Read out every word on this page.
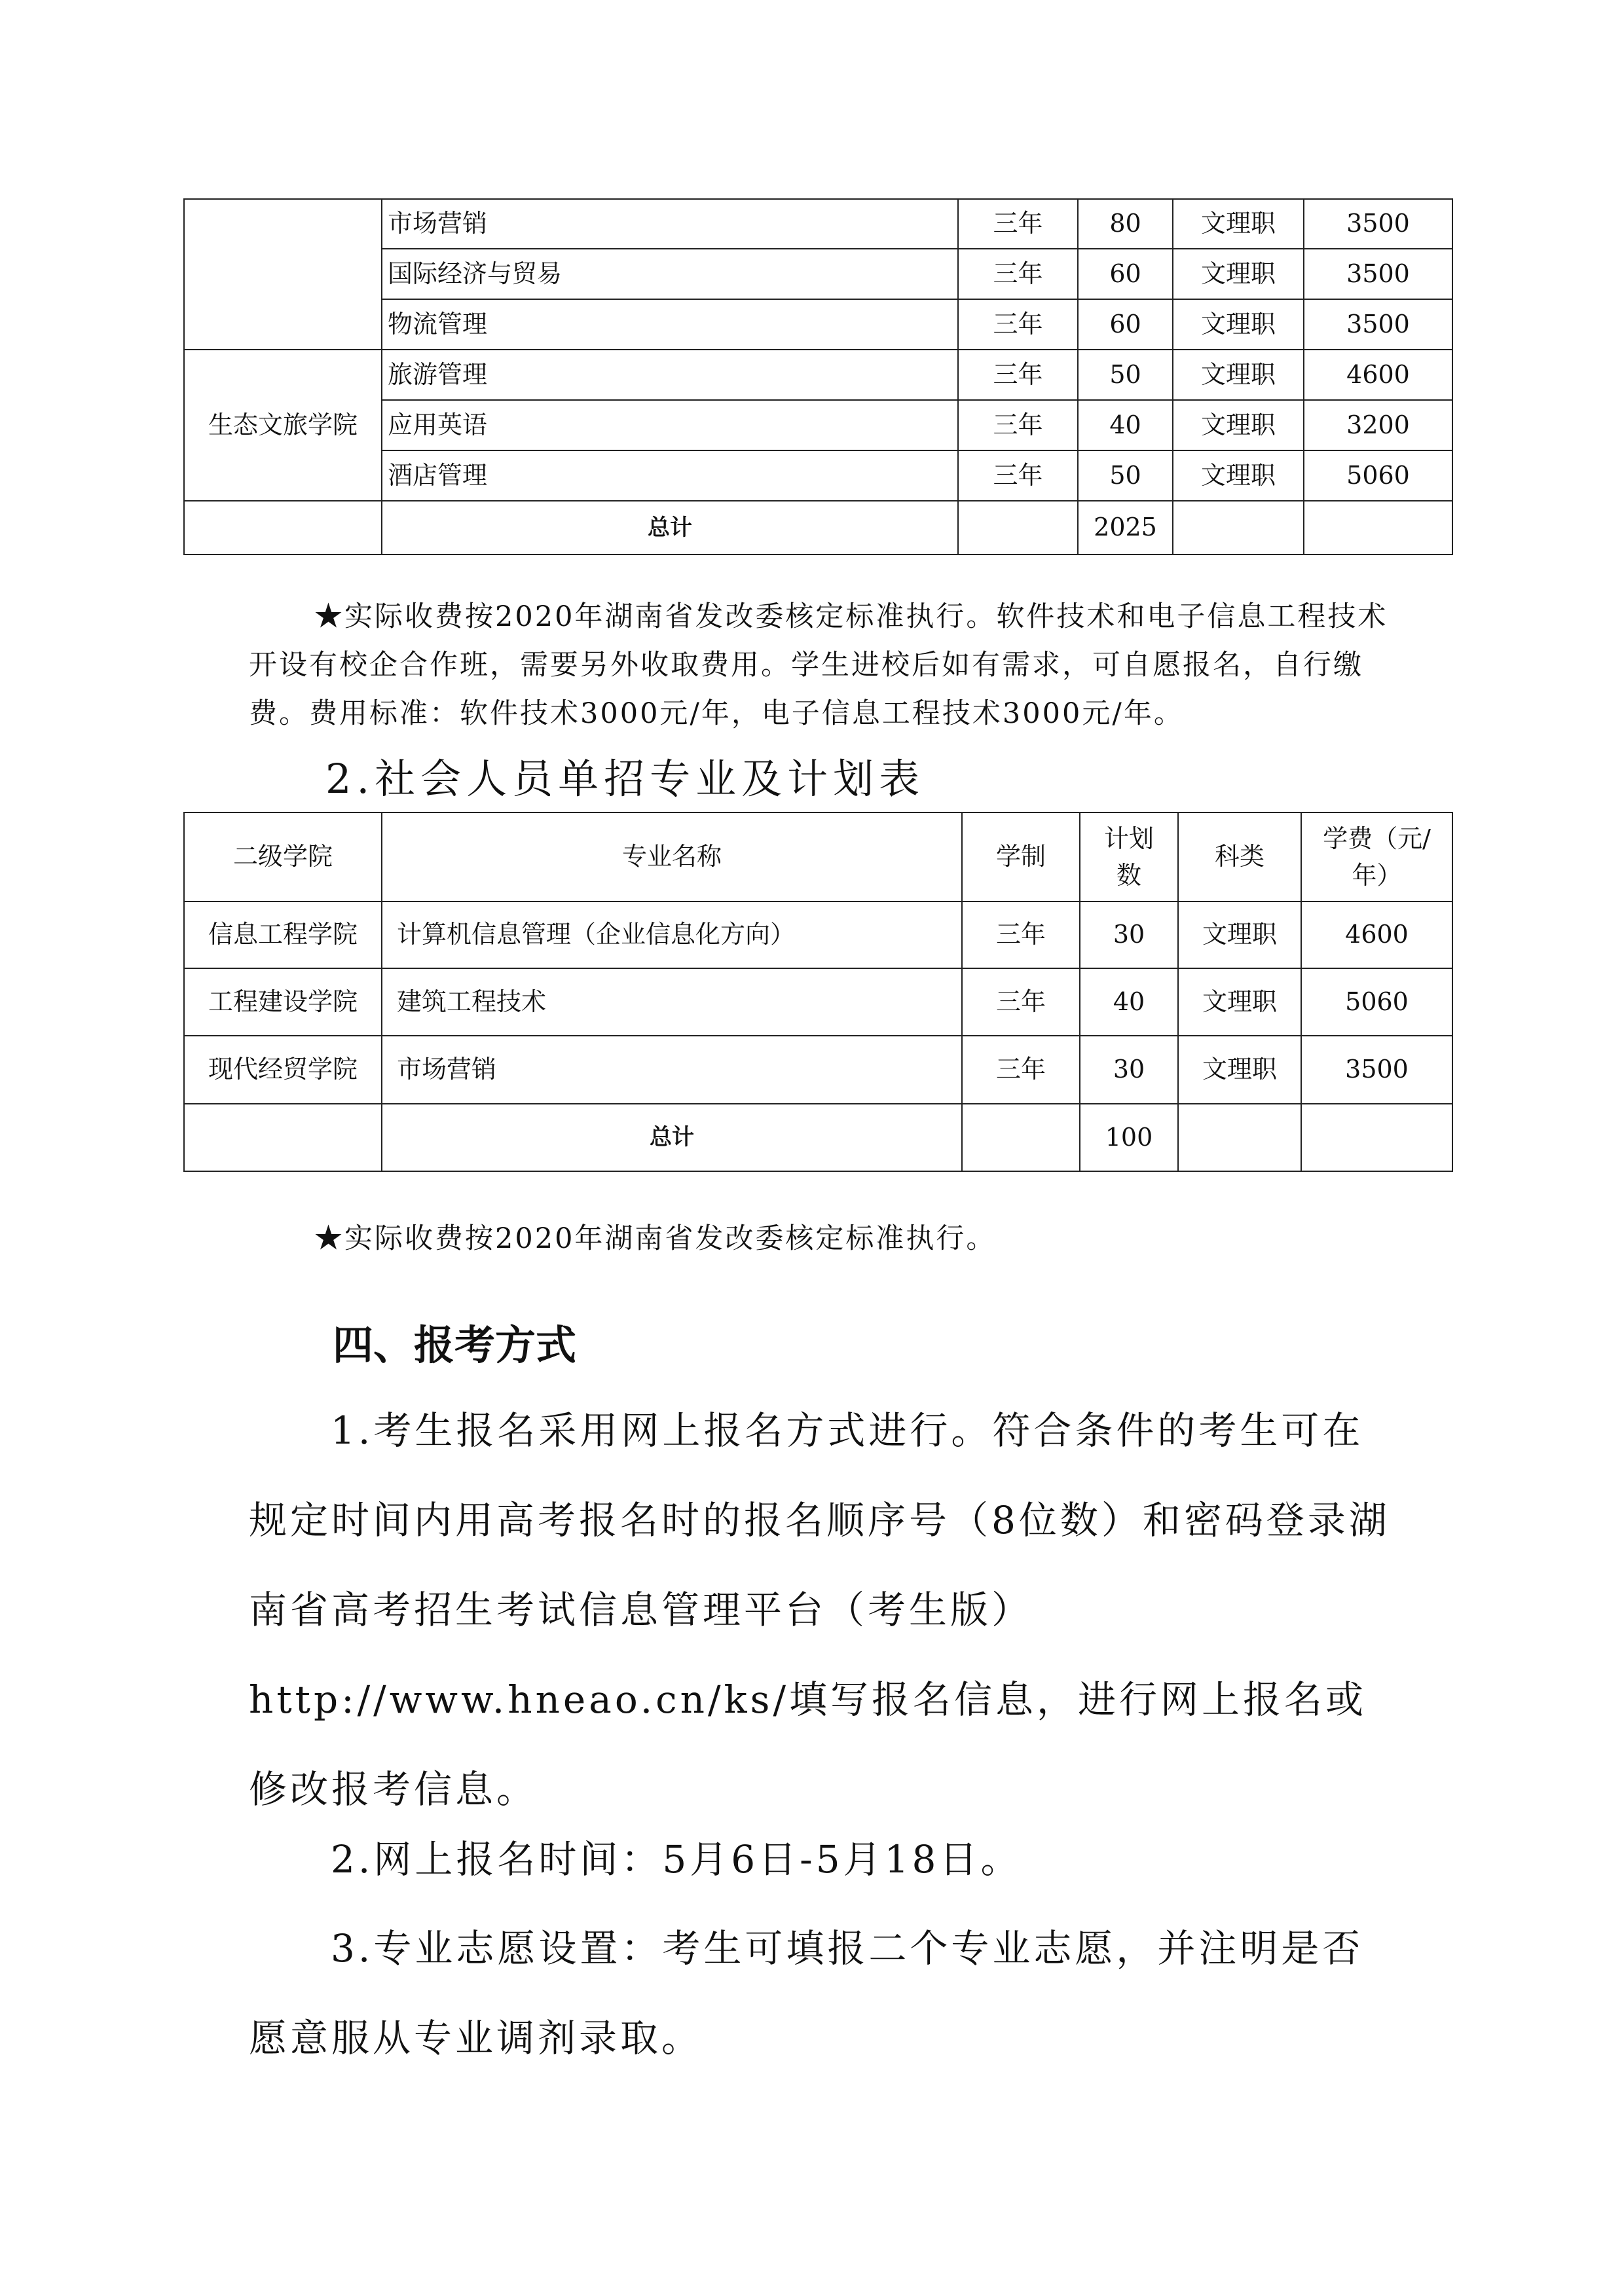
	市场营销	三年	80	文理职	3500
	国际经济与贸易	三年	60	文理职	3500
	物流管理	三年	60	文理职	3500
生态文旅学院	旅游管理	三年	50	文理职	4600
	应用英语	三年	40	文理职	3200
	酒店管理	三年	50	文理职	5060
	总计		2025		
★实际收费按2020年湖南省发改委核定标准执行。软件技术和电子信息工程技术开设有校企合作班，需要另外收取费用。学生进校后如有需求，可自愿报名，自行缴费。费用标准：软件技术3000元/年，电子信息工程技术3000元/年。
2.社会人员单招专业及计划表
二级学院	专业名称	学制	计划数	科类	学费（元/年）
信息工程学院	计算机信息管理（企业信息化方向）	三年	30	文理职	4600
工程建设学院	建筑工程技术	三年	40	文理职	5060
现代经贸学院	市场营销	三年	30	文理职	3500
	总计		100		
★实际收费按2020年湖南省发改委核定标准执行。
四、报考方式
1.考生报名采用网上报名方式进行。符合条件的考生可在规定时间内用高考报名时的报名顺序号（8位数）和密码登录湖南省高考招生考试信息管理平台（考生版）http://www.hneao.cn/ks/填写报名信息，进行网上报名或修改报考信息。
2.网上报名时间：5月6日-5月18日。
3.专业志愿设置：考生可填报二个专业志愿，并注明是否愿意服从专业调剂录取。
